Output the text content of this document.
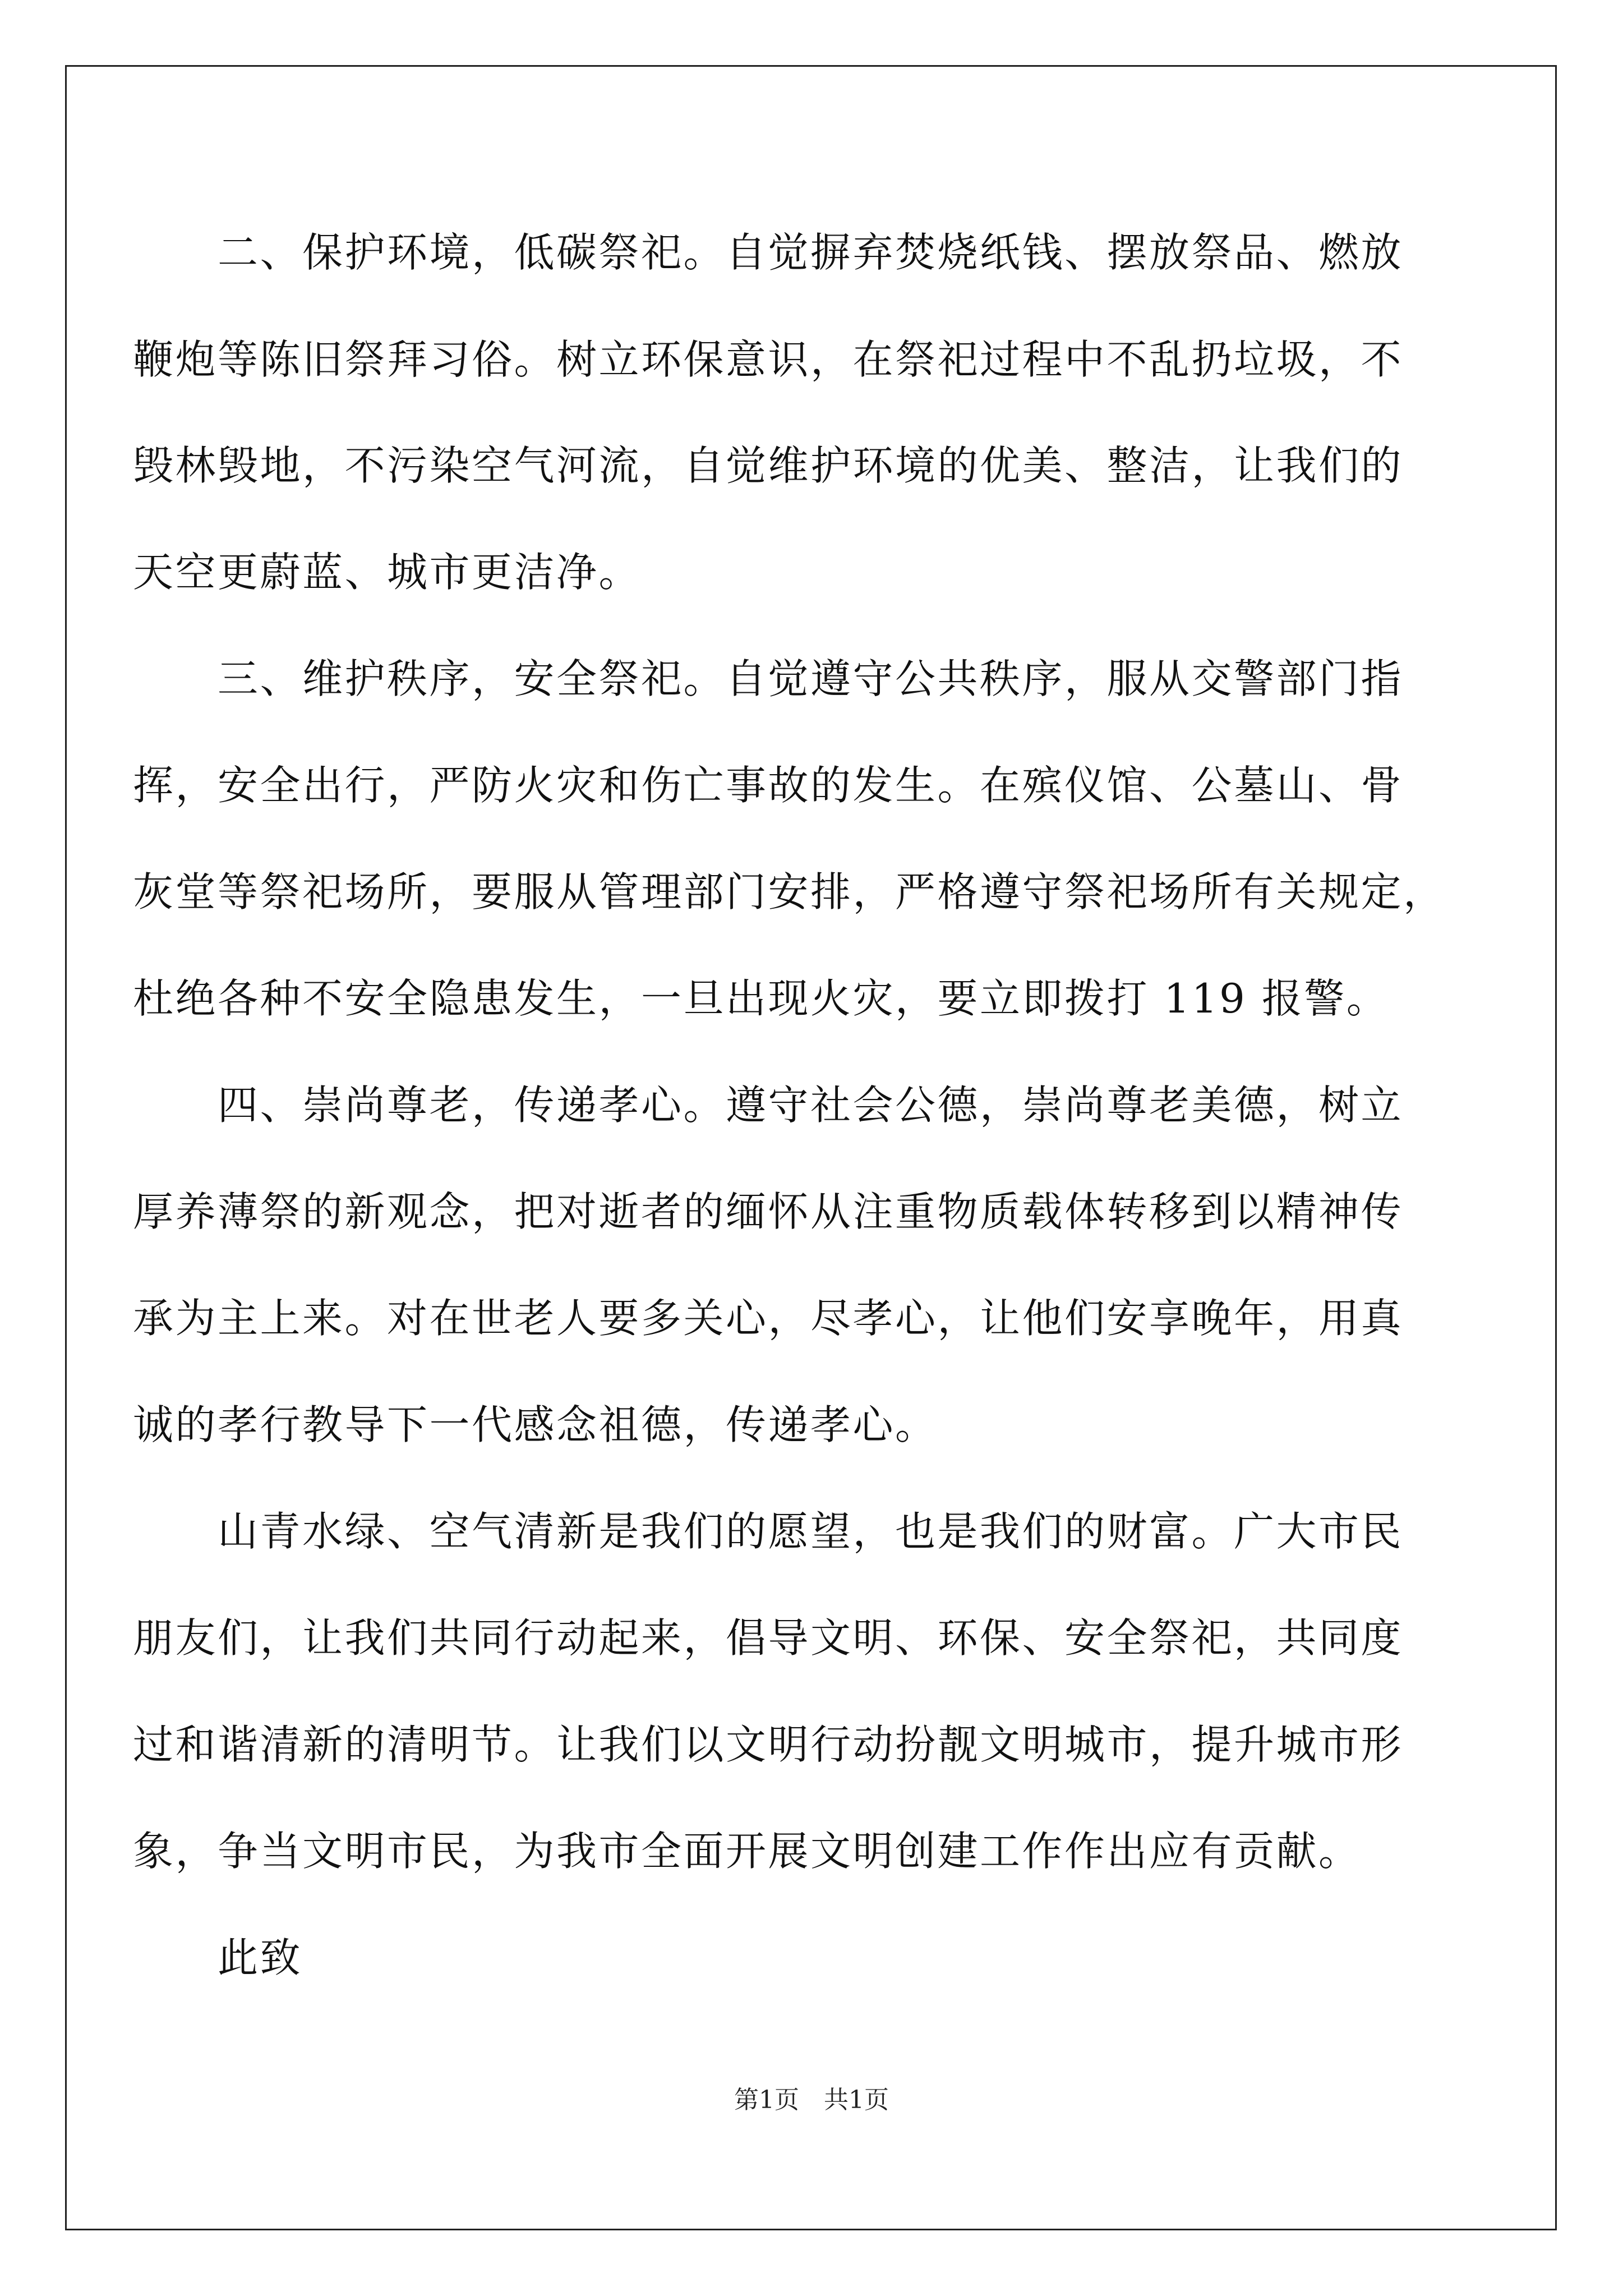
　　二、保护环境，低碳祭祀。自觉摒弃焚烧纸钱、摆放祭品、燃放
鞭炮等陈旧祭拜习俗。树立环保意识，在祭祀过程中不乱扔垃圾，不
毁林毁地，不污染空气河流，自觉维护环境的优美、整洁，让我们的
天空更蔚蓝、城市更洁净。
　　三、维护秩序，安全祭祀。自觉遵守公共秩序，服从交警部门指
挥，安全出行，严防火灾和伤亡事故的发生。在殡仪馆、公墓山、骨
灰堂等祭祀场所，要服从管理部门安排，严格遵守祭祀场所有关规定，
杜绝各种不安全隐患发生，一旦出现火灾，要立即拨打 119 报警。
　　四、崇尚尊老，传递孝心。遵守社会公德，崇尚尊老美德，树立
厚养薄祭的新观念，把对逝者的缅怀从注重物质载体转移到以精神传
承为主上来。对在世老人要多关心，尽孝心，让他们安享晚年，用真
诚的孝行教导下一代感念祖德，传递孝心。
　　山青水绿、空气清新是我们的愿望，也是我们的财富。广大市民
朋友们，让我们共同行动起来，倡导文明、环保、安全祭祀，共同度
过和谐清新的清明节。让我们以文明行动扮靓文明城市，提升城市形
象，争当文明市民，为我市全面开展文明创建工作作出应有贡献。
　　此致
第1页　共1页
